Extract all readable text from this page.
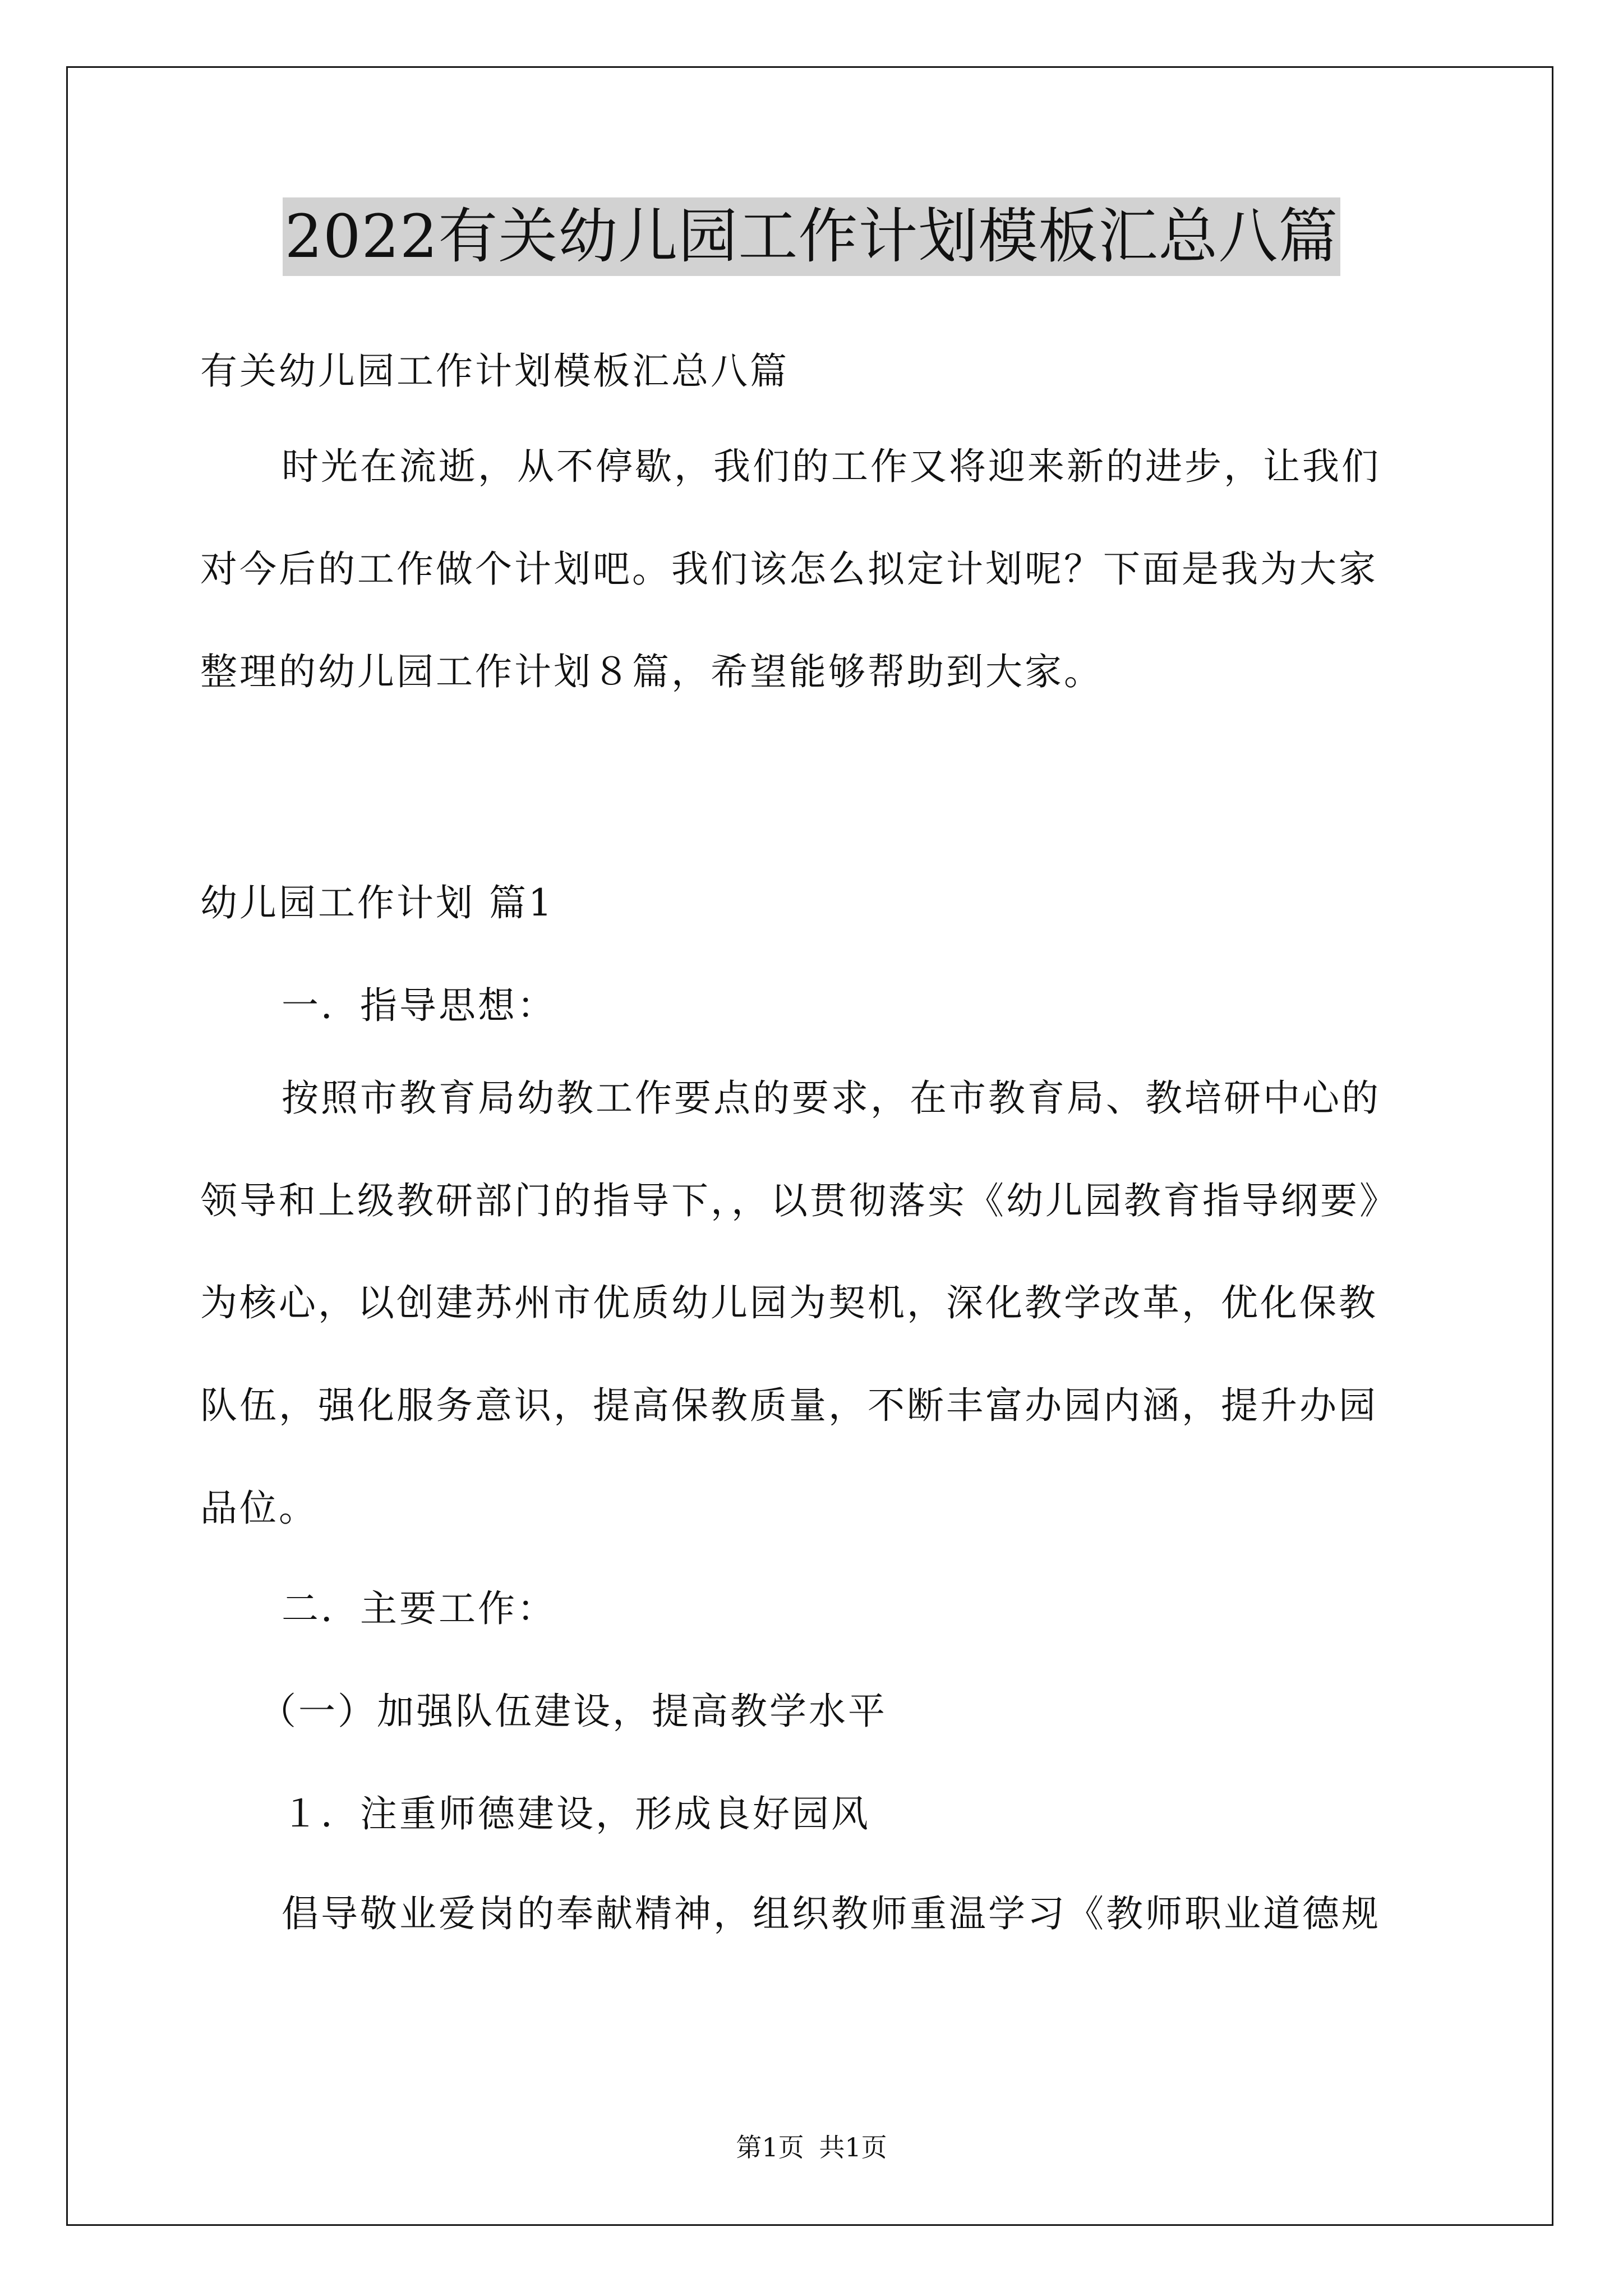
2022有关幼儿园工作计划模板汇总八篇
有关幼儿园工作计划模板汇总八篇
时光在流逝，从不停歇，我们的工作又将迎来新的进步，让我们
对今后的工作做个计划吧。我们该怎么拟定计划呢？下面是我为大家
整理的幼儿园工作计划８篇，希望能够帮助到大家。
幼儿园工作计划 篇1
一．指导思想：
按照市教育局幼教工作要点的要求，在市教育局、教培研中心的
领导和上级教研部门的指导下，，以贯彻落实《幼儿园教育指导纲要》
为核心，以创建苏州市优质幼儿园为契机，深化教学改革，优化保教
队伍，强化服务意识，提高保教质量，不断丰富办园内涵，提升办园
品位。
二．主要工作：
（一）加强队伍建设，提高教学水平
１．注重师德建设，形成良好园风
倡导敬业爱岗的奉献精神，组织教师重温学习《教师职业道德规
第1页 共1页
